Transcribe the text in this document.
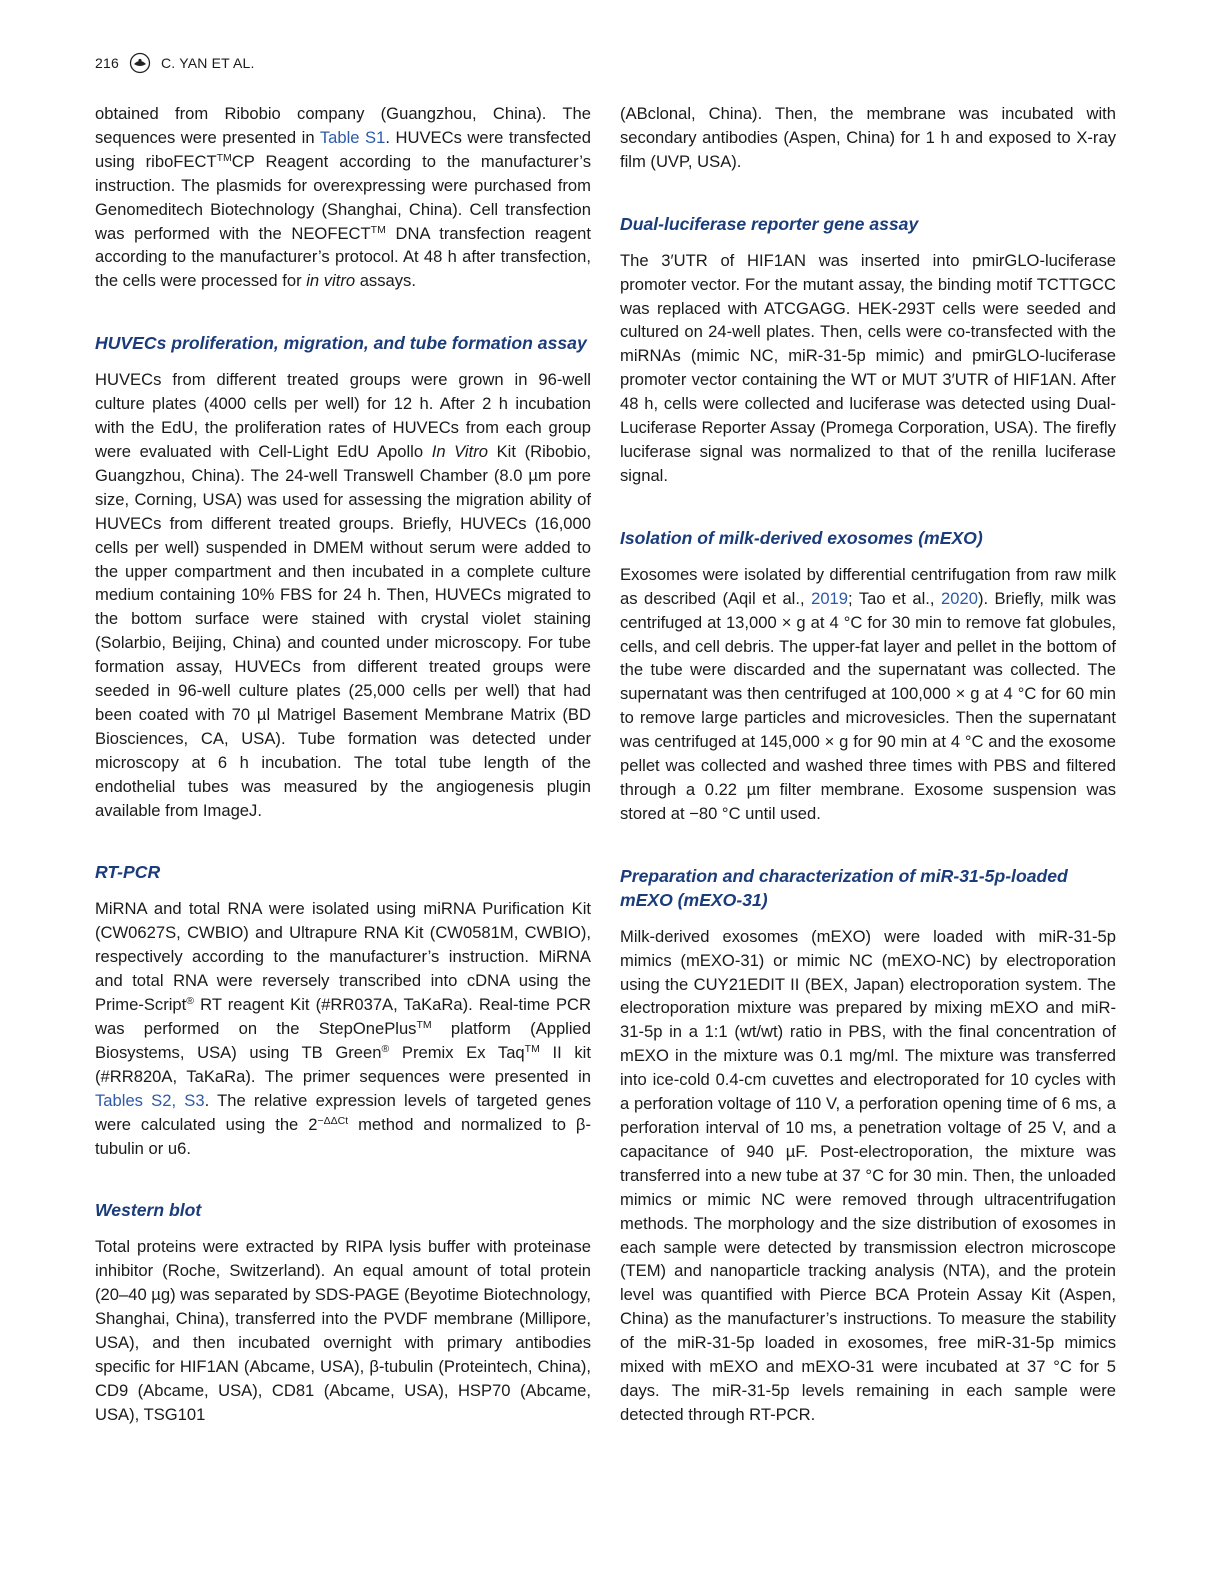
216	C. YAN ET AL.

obtained from Ribobio company (Guangzhou, China). The sequences were presented in Table S1. HUVECs were transfected using riboFECT™CP Reagent according to the manufacturer’s instruction. The plasmids for overexpressing were purchased from Genomeditech Biotechnology (Shanghai, China). Cell transfection was performed with the NEOFECT™ DNA transfection reagent according to the manufacturer’s protocol. At 48 h after transfection, the cells were processed for in vitro assays.

HUVECs proliferation, migration, and tube formation assay

HUVECs from different treated groups were grown in 96-well culture plates (4000 cells per well) for 12 h. After 2 h incubation with the EdU, the proliferation rates of HUVECs from each group were evaluated with Cell-Light EdU Apollo In Vitro Kit (Ribobio, Guangzhou, China). The 24-well Transwell Chamber (8.0 µm pore size, Corning, USA) was used for assessing the migration ability of HUVECs from different treated groups. Briefly, HUVECs (16,000 cells per well) suspended in DMEM without serum were added to the upper compartment and then incubated in a complete culture medium containing 10% FBS for 24 h. Then, HUVECs migrated to the bottom surface were stained with crystal violet staining (Solarbio, Beijing, China) and counted under microscopy. For tube formation assay, HUVECs from different treated groups were seeded in 96-well culture plates (25,000 cells per well) that had been coated with 70 µl Matrigel Basement Membrane Matrix (BD Biosciences, CA, USA). Tube formation was detected under microscopy at 6 h incubation. The total tube length of the endothelial tubes was measured by the angiogenesis plugin available from ImageJ.

RT-PCR

MiRNA and total RNA were isolated using miRNA Purification Kit (CW0627S, CWBIO) and Ultrapure RNA Kit (CW0581M, CWBIO), respectively according to the manufacturer’s instruction. MiRNA and total RNA were reversely transcribed into cDNA using the Prime-Script® RT reagent Kit (#RR037A, TaKaRa). Real-time PCR was performed on the StepOnePlus™ platform (Applied Biosystems, USA) using TB Green® Premix Ex Taq™ II kit (#RR820A, TaKaRa). The primer sequences were presented in Tables S2, S3. The relative expression levels of targeted genes were calculated using the $2^{-\Delta\Delta Ct}$ method and normalized to β-tubulin or u6.

Western blot

Total proteins were extracted by RIPA lysis buffer with proteinase inhibitor (Roche, Switzerland). An equal amount of total protein (20–40 µg) was separated by SDS-PAGE (Beyotime Biotechnology, Shanghai, China), transferred into the PVDF membrane (Millipore, USA), and then incubated overnight with primary antibodies specific for HIF1AN (Abcame, USA), β-tubulin (Proteintech, China), CD9 (Abcame, USA), CD81 (Abcame, USA), HSP70 (Abcame, USA), TSG101

(ABclonal, China). Then, the membrane was incubated with secondary antibodies (Aspen, China) for 1 h and exposed to X-ray film (UVP, USA).

Dual-luciferase reporter gene assay

The 3′UTR of HIF1AN was inserted into pmirGLO-luciferase promoter vector. For the mutant assay, the binding motif TCTTGCC was replaced with ATCGAGG. HEK-293T cells were seeded and cultured on 24-well plates. Then, cells were co-transfected with the miRNAs (mimic NC, miR-31-5p mimic) and pmirGLO-luciferase promoter vector containing the WT or MUT 3′UTR of HIF1AN. After 48 h, cells were collected and luciferase was detected using Dual-Luciferase Reporter Assay (Promega Corporation, USA). The firefly luciferase signal was normalized to that of the renilla luciferase signal.

Isolation of milk-derived exosomes (mEXO)

Exosomes were isolated by differential centrifugation from raw milk as described (Aqil et al., 2019; Tao et al., 2020). Briefly, milk was centrifuged at 13,000 × g at 4 °C for 30 min to remove fat globules, cells, and cell debris. The upper-fat layer and pellet in the bottom of the tube were discarded and the supernatant was collected. The supernatant was then centrifuged at 100,000 × g at 4 °C for 60 min to remove large particles and microvesicles. Then the supernatant was centrifuged at 145,000 × g for 90 min at 4 °C and the exosome pellet was collected and washed three times with PBS and filtered through a 0.22 µm filter membrane. Exosome suspension was stored at −80 °C until used.

Preparation and characterization of miR-31-5p-loaded mEXO (mEXO-31)

Milk-derived exosomes (mEXO) were loaded with miR-31-5p mimics (mEXO-31) or mimic NC (mEXO-NC) by electroporation using the CUY21EDIT II (BEX, Japan) electroporation system. The electroporation mixture was prepared by mixing mEXO and miR-31-5p in a 1:1 (wt/wt) ratio in PBS, with the final concentration of mEXO in the mixture was 0.1 mg/ml. The mixture was transferred into ice-cold 0.4-cm cuvettes and electroporated for 10 cycles with a perforation voltage of 110 V, a perforation opening time of 6 ms, a perforation interval of 10 ms, a penetration voltage of 25 V, and a capacitance of 940 µF. Post-electroporation, the mixture was transferred into a new tube at 37 °C for 30 min. Then, the unloaded mimics or mimic NC were removed through ultracentrifugation methods. The morphology and the size distribution of exosomes in each sample were detected by transmission electron microscope (TEM) and nanoparticle tracking analysis (NTA), and the protein level was quantified with Pierce BCA Protein Assay Kit (Aspen, China) as the manufacturer’s instructions. To measure the stability of the miR-31-5p loaded in exosomes, free miR-31-5p mimics mixed with mEXO and mEXO-31 were incubated at 37 °C for 5 days. The miR-31-5p levels remaining in each sample were detected through RT-PCR.
